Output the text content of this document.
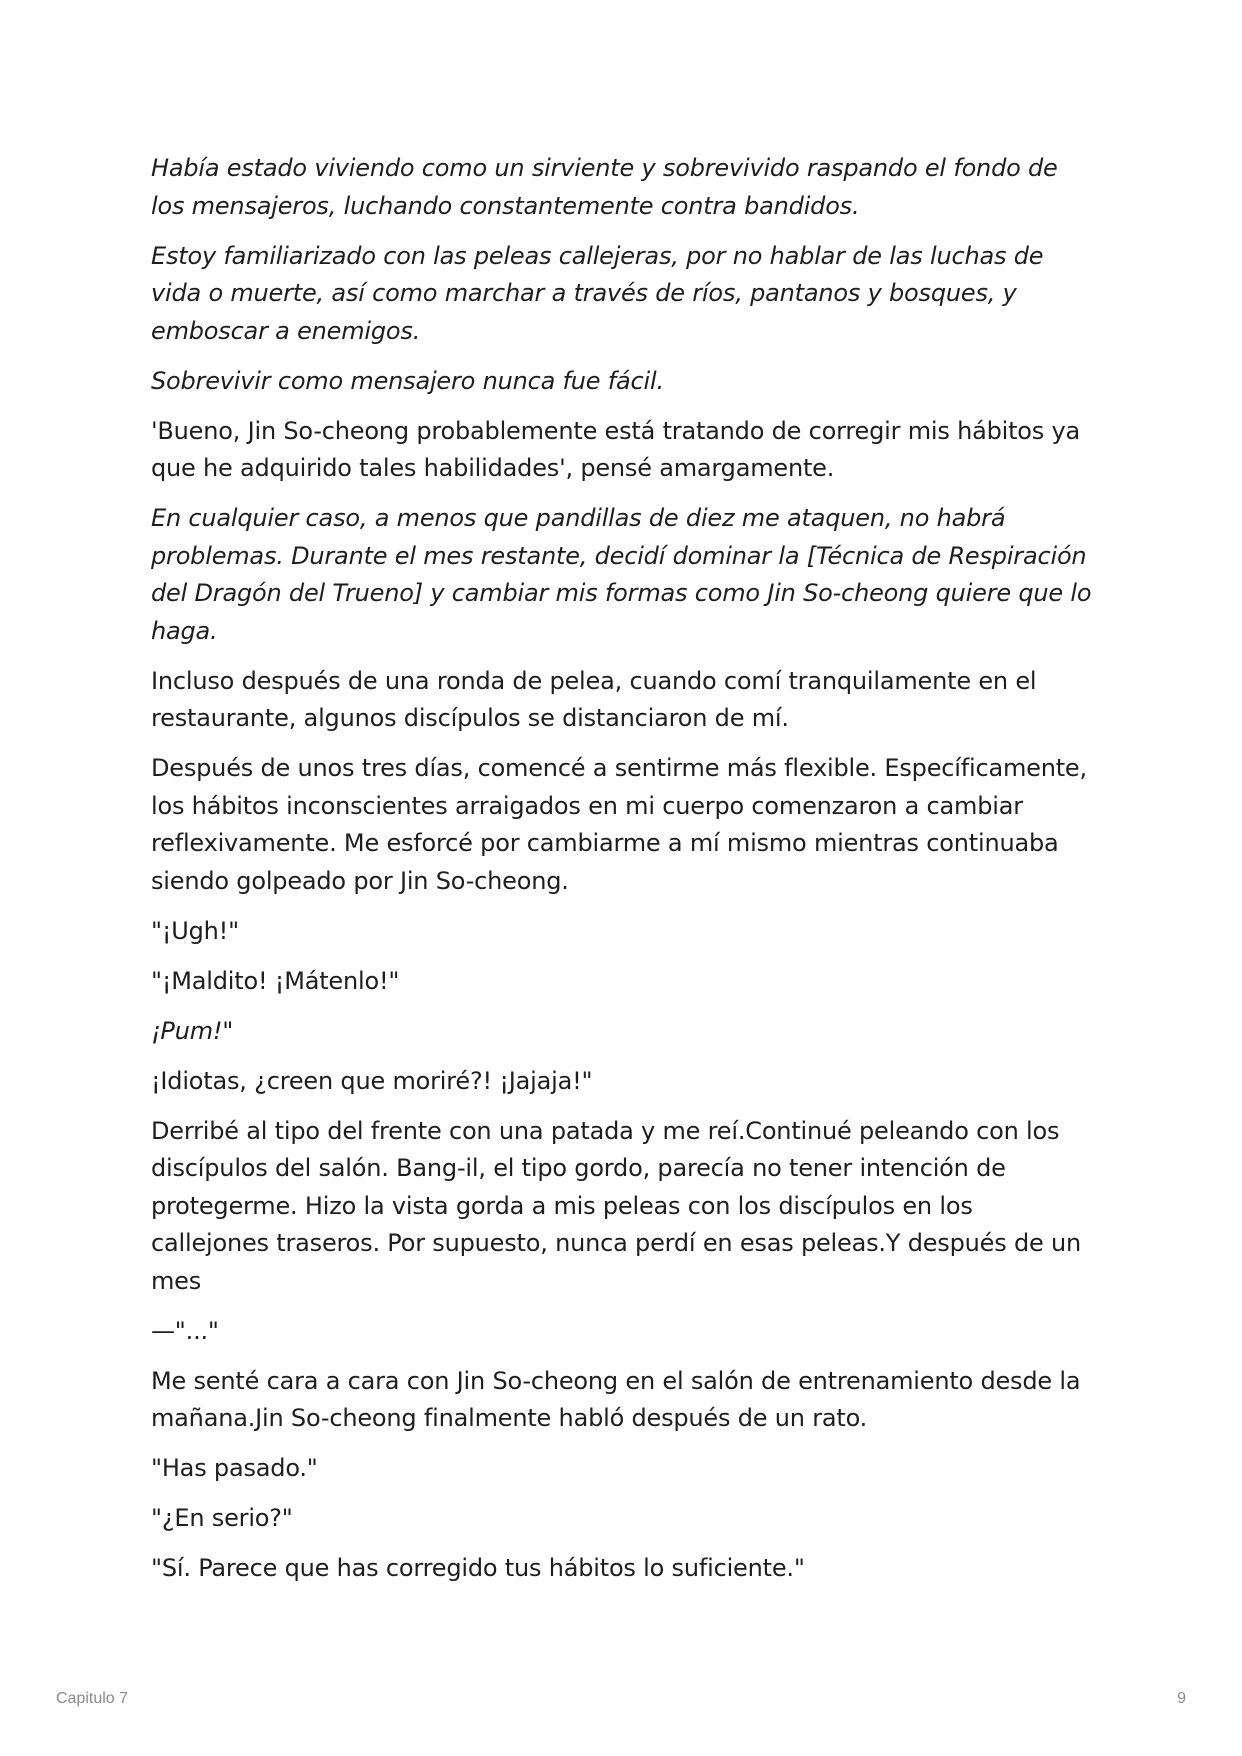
Había estado viviendo como un sirviente y sobrevivido raspando el fondo de los mensajeros, luchando constantemente contra bandidos.

Estoy familiarizado con las peleas callejeras, por no hablar de las luchas de vida o muerte, así como marchar a través de ríos, pantanos y bosques, y emboscar a enemigos.

Sobrevivir como mensajero nunca fue fácil.

'Bueno, Jin So-cheong probablemente está tratando de corregir mis hábitos ya que he adquirido tales habilidades', pensé amargamente.

En cualquier caso, a menos que pandillas de diez me ataquen, no habrá problemas. Durante el mes restante, decidí dominar la [Técnica de Respiración del Dragón del Trueno] y cambiar mis formas como Jin So-cheong quiere que lo haga.

Incluso después de una ronda de pelea, cuando comí tranquilamente en el restaurante, algunos discípulos se distanciaron de mí.

Después de unos tres días, comencé a sentirme más flexible. Específicamente, los hábitos inconscientes arraigados en mi cuerpo comenzaron a cambiar reflexivamente. Me esforcé por cambiarme a mí mismo mientras continuaba siendo golpeado por Jin So-cheong.

"¡Ugh!"

"¡Maldito! ¡Mátenlo!"

¡Pum!"

¡Idiotas, ¿creen que moriré?! ¡Jajaja!"

Derribé al tipo del frente con una patada y me reí.Continué peleando con los discípulos del salón. Bang-il, el tipo gordo, parecía no tener intención de protegerme. Hizo la vista gorda a mis peleas con los discípulos en los callejones traseros. Por supuesto, nunca perdí en esas peleas.Y después de un mes

—"..."

Me senté cara a cara con Jin So-cheong en el salón de entrenamiento desde la mañana.Jin So-cheong finalmente habló después de un rato.

"Has pasado."

"¿En serio?"

"Sí. Parece que has corregido tus hábitos lo suficiente."

Capitulo 7	9
